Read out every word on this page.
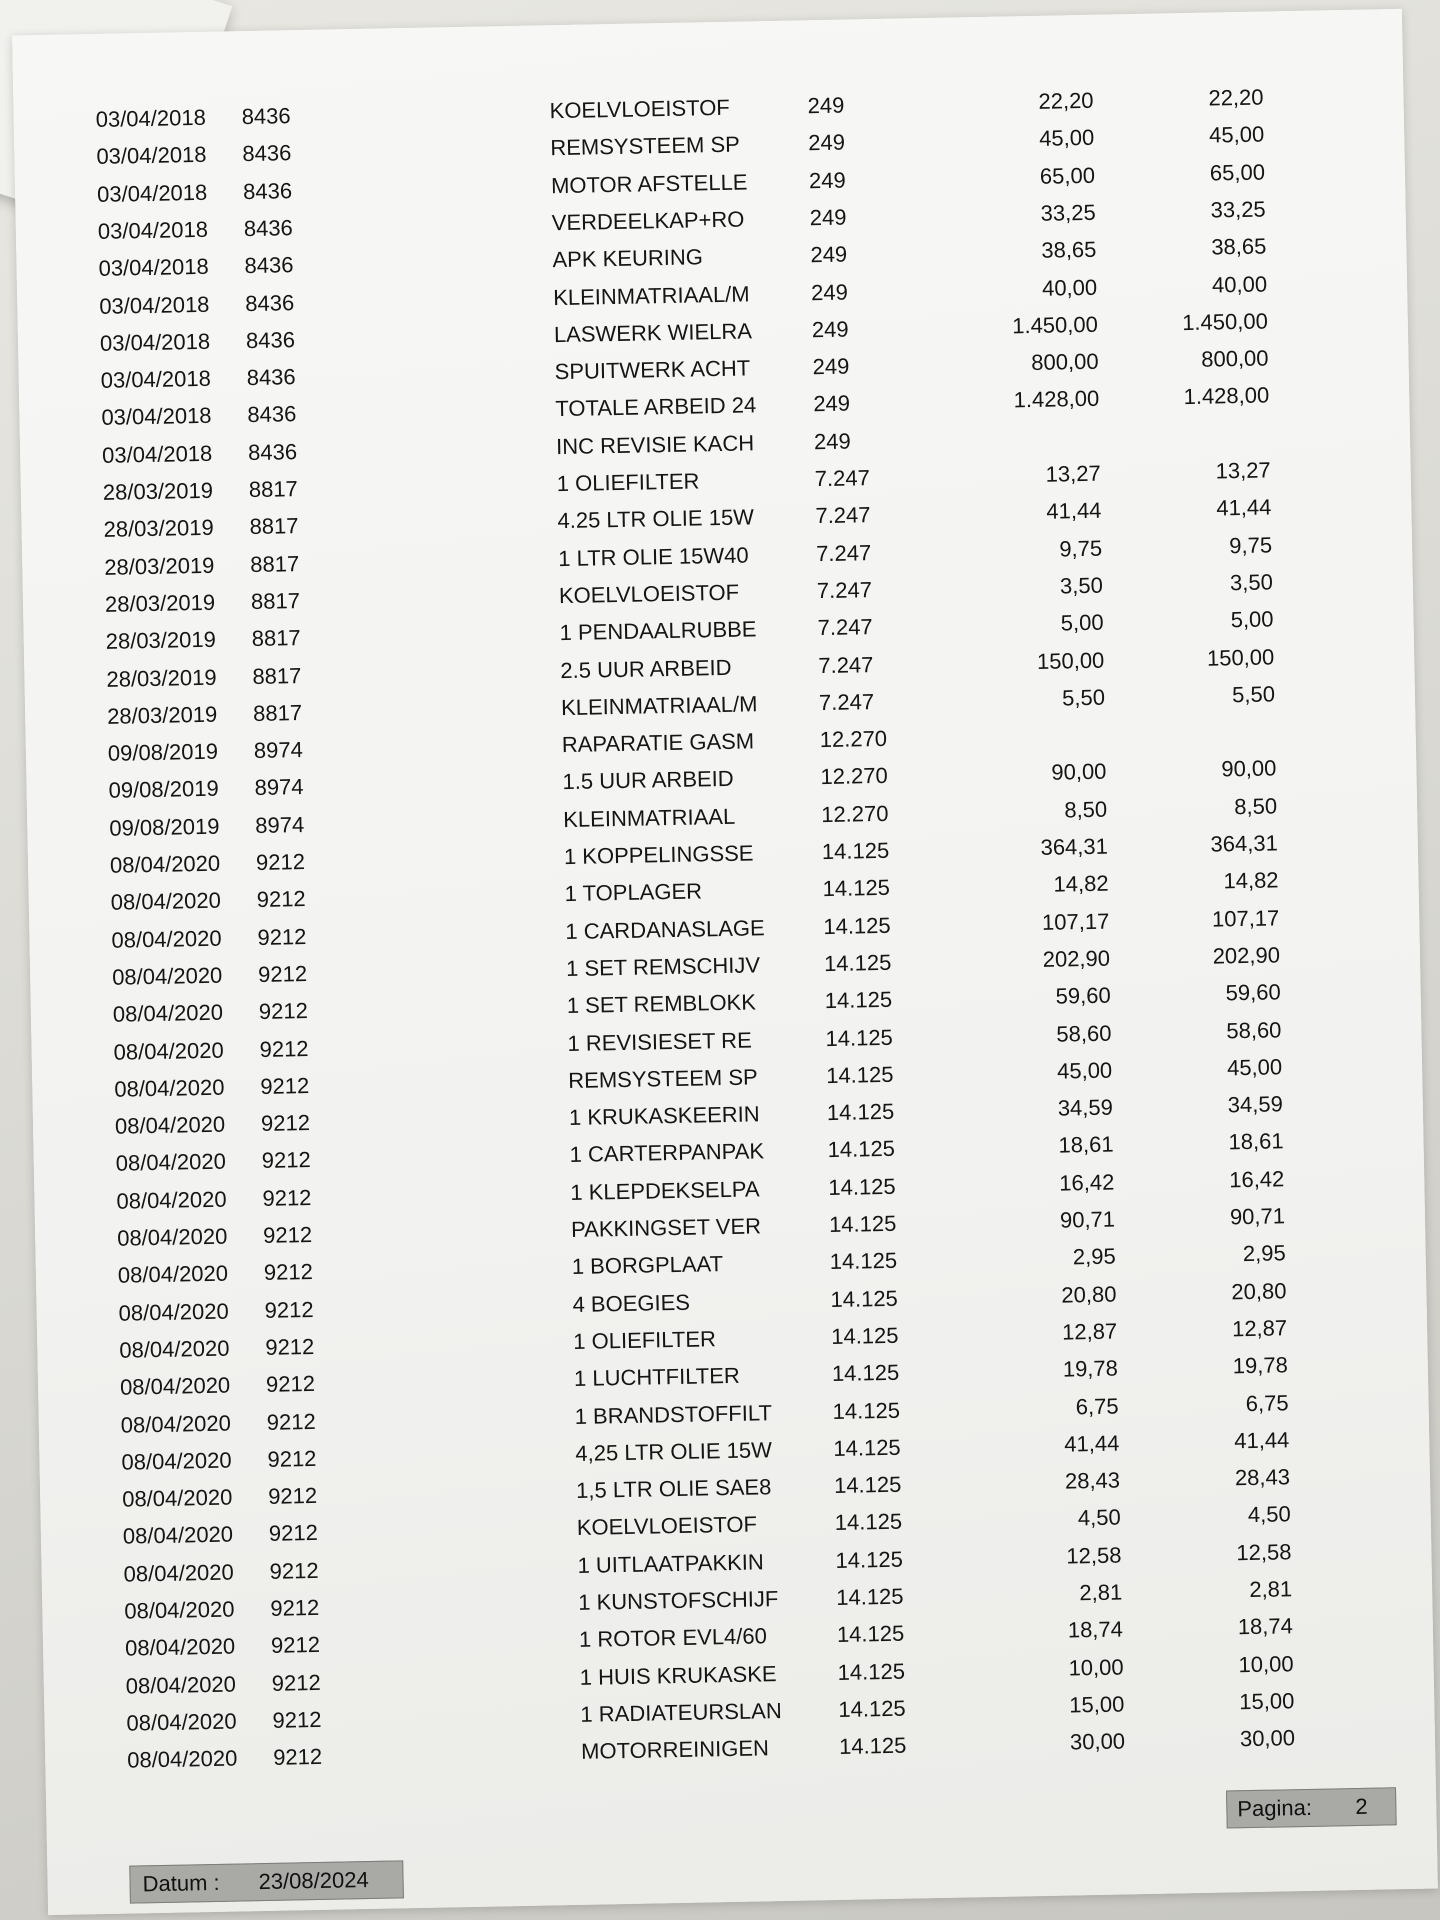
03/04/2018 8436	KOELVLOEISTOF	249	22,20	22,20
03/04/2018 8436	REMSYSTEEM SP	249	45,00	45,00
03/04/2018 8436	MOTOR AFSTELLE	249	65,00	65,00
03/04/2018 8436	VERDEELKAP+RO	249	33,25	33,25
03/04/2018 8436	APK KEURING	249	38,65	38,65
03/04/2018 8436	KLEINMATRIAAL/M	249	40,00	40,00
03/04/2018 8436	LASWERK WIELRA	249	1.450,00	1.450,00
03/04/2018 8436	SPUITWERK ACHT	249	800,00	800,00
03/04/2018 8436	TOTALE ARBEID 24	249	1.428,00	1.428,00
03/04/2018 8436	INC REVISIE KACH	249
28/03/2019 8817	1 OLIEFILTER	7.247	13,27	13,27
28/03/2019 8817	4.25 LTR OLIE 15W	7.247	41,44	41,44
28/03/2019 8817	1 LTR OLIE 15W40	7.247	9,75	9,75
28/03/2019 8817	KOELVLOEISTOF	7.247	3,50	3,50
28/03/2019 8817	1 PENDAALRUBBE	7.247	5,00	5,00
28/03/2019 8817	2.5 UUR ARBEID	7.247	150,00	150,00
28/03/2019 8817	KLEINMATRIAAL/M	7.247	5,50	5,50
09/08/2019 8974	RAPARATIE GASM	12.270
09/08/2019 8974	1.5 UUR ARBEID	12.270	90,00	90,00
09/08/2019 8974	KLEINMATRIAAL	12.270	8,50	8,50
08/04/2020 9212	1 KOPPELINGSSE	14.125	364,31	364,31
08/04/2020 9212	1 TOPLAGER	14.125	14,82	14,82
08/04/2020 9212	1 CARDANASLAGE	14.125	107,17	107,17
08/04/2020 9212	1 SET REMSCHIJV	14.125	202,90	202,90
08/04/2020 9212	1 SET REMBLOKK	14.125	59,60	59,60
08/04/2020 9212	1 REVISIESET RE	14.125	58,60	58,60
08/04/2020 9212	REMSYSTEEM SP	14.125	45,00	45,00
08/04/2020 9212	1 KRUKASKEERIN	14.125	34,59	34,59
08/04/2020 9212	1 CARTERPANPAK	14.125	18,61	18,61
08/04/2020 9212	1 KLEPDEKSELPA	14.125	16,42	16,42
08/04/2020 9212	PAKKINGSET VER	14.125	90,71	90,71
08/04/2020 9212	1 BORGPLAAT	14.125	2,95	2,95
08/04/2020 9212	4 BOEGIES	14.125	20,80	20,80
08/04/2020 9212	1 OLIEFILTER	14.125	12,87	12,87
08/04/2020 9212	1 LUCHTFILTER	14.125	19,78	19,78
08/04/2020 9212	1 BRANDSTOFFILT	14.125	6,75	6,75
08/04/2020 9212	4,25 LTR OLIE 15W	14.125	41,44	41,44
08/04/2020 9212	1,5 LTR OLIE SAE8	14.125	28,43	28,43
08/04/2020 9212	KOELVLOEISTOF	14.125	4,50	4,50
08/04/2020 9212	1 UITLAATPAKKIN	14.125	12,58	12,58
08/04/2020 9212	1 KUNSTOFSCHIJF	14.125	2,81	2,81
08/04/2020 9212	1 ROTOR EVL4/60	14.125	18,74	18,74
08/04/2020 9212	1 HUIS KRUKASKE	14.125	10,00	10,00
08/04/2020 9212	1 RADIATEURSLAN	14.125	15,00	15,00
08/04/2020 9212	MOTORREINIGEN	14.125	30,00	30,00
Pagina: 2
Datum : 23/08/2024
